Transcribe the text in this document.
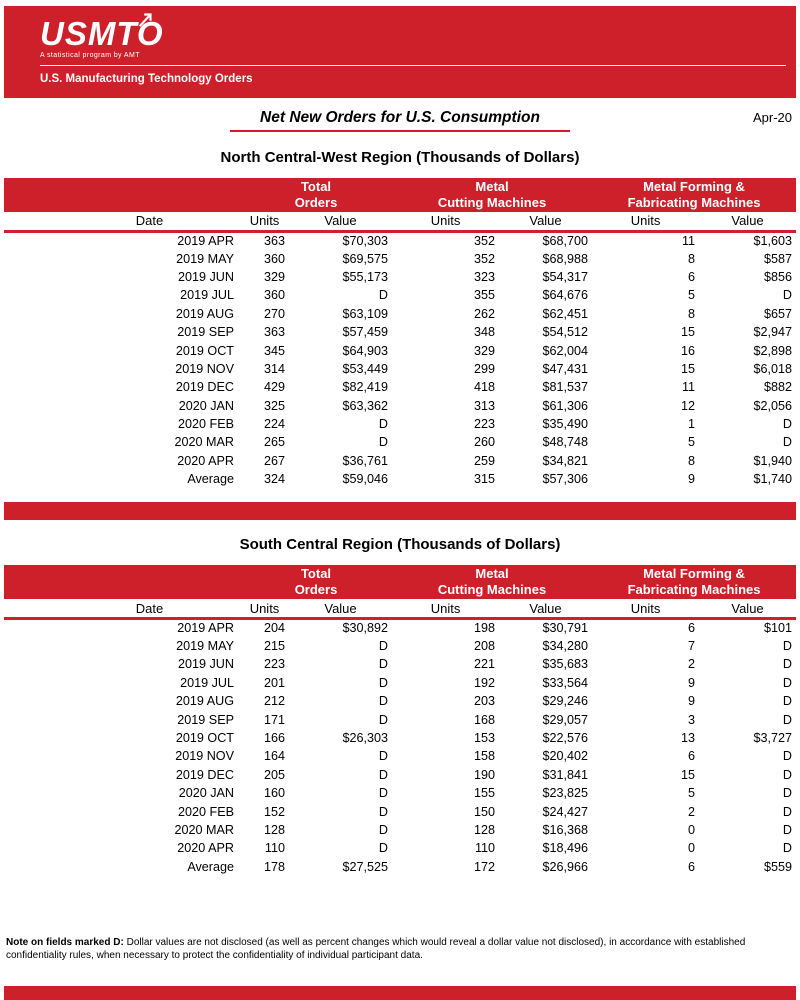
USMTO
A statistical program by AMT
U.S. Manufacturing Technology Orders
Net New Orders for U.S. Consumption	Apr-20
North Central-West Region (Thousands of Dollars)

Total
Orders

Metal
Cutting Machines

Metal Forming &
Fabricating Machines

Date	Units	Value	Units	Value	Units	Value
2019 APR	363	$70,303	352	$68,700	11	$1,603
2019 MAY	360	$69,575	352	$68,988	8	$587
2019 JUN	329	$55,173	323	$54,317	6	$856
2019 JUL	360	D	355	$64,676	5	D
2019 AUG	270	$63,109	262	$62,451	8	$657
2019 SEP	363	$57,459	348	$54,512	15	$2,947
2019 OCT	345	$64,903	329	$62,004	16	$2,898
2019 NOV	314	$53,449	299	$47,431	15	$6,018
2019 DEC	429	$82,419	418	$81,537	11	$882
2020 JAN	325	$63,362	313	$61,306	12	$2,056
2020 FEB	224	D	223	$35,490	1	D
2020 MAR	265	D	260	$48,748	5	D
2020 APR	267	$36,761	259	$34,821	8	$1,940
Average	324	$59,046	315	$57,306	9	$1,740
South Central Region (Thousands of Dollars)

Total
Orders

Metal
Cutting Machines

Metal Forming &
Fabricating Machines

Date	Units	Value	Units	Value	Units	Value
2019 APR	204	$30,892	198	$30,791	6	$101
2019 MAY	215	D	208	$34,280	7	D
2019 JUN	223	D	221	$35,683	2	D
2019 JUL	201	D	192	$33,564	9	D
2019 AUG	212	D	203	$29,246	9	D
2019 SEP	171	D	168	$29,057	3	D
2019 OCT	166	$26,303	153	$22,576	13	$3,727
2019 NOV	164	D	158	$20,402	6	D
2019 DEC	205	D	190	$31,841	15	D
2020 JAN	160	D	155	$23,825	5	D
2020 FEB	152	D	150	$24,427	2	D
2020 MAR	128	D	128	$16,368	0	D
2020 APR	110	D	110	$18,496	0	D
Average	178	$27,525	172	$26,966	6	$559

Note on fields marked D: Dollar values are not disclosed (as well as percent changes which would reveal a dollar value not disclosed), in accordance with established confidentiality rules, when necessary to protect the confidentiality of individual participant data.
